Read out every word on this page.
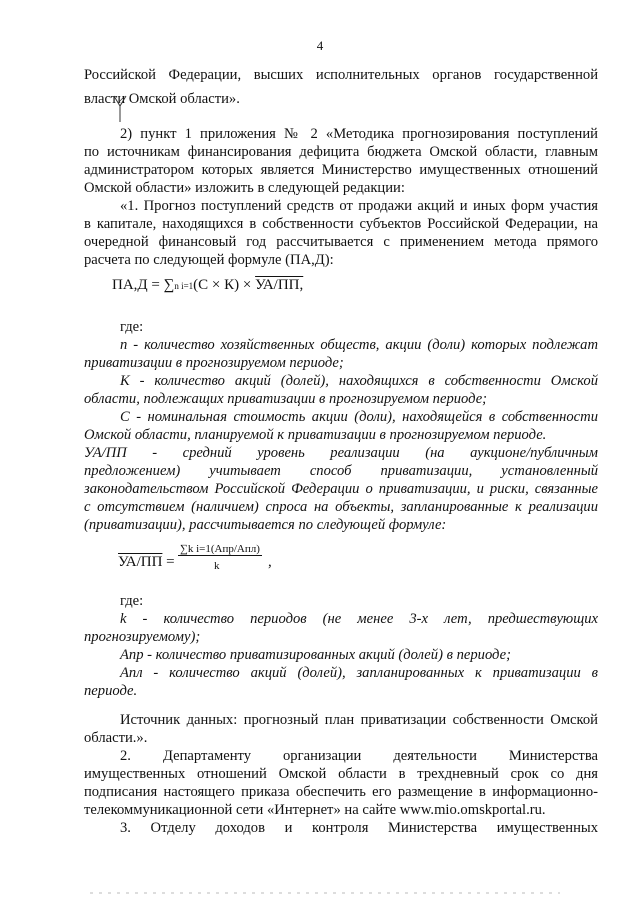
4
Российской Федерации, высших исполнительных органов государственной
власти Омской области».
2) пункт 1 приложения № 2 «Методика прогнозирования поступлений
по источникам финансирования дефицита бюджета Омской области, главным
администратором которых является Министерство имущественных отношений
Омской области» изложить в следующей редакции:
«1. Прогноз поступлений средств от продажи акций и иных форм участия
в капитале, находящихся в собственности субъектов Российской Федерации, на
очередной финансовый год рассчитывается с применением метода прямого
расчета по следующей формуле (ПА,Д):
ПА,Д = ∑n i=1(С × К) × УА/ПП,
где:
n - количество хозяйственных обществ, акции (доли) которых подлежат
приватизации в прогнозируемом периоде;
К - количество акций (долей), находящихся в собственности Омской
области, подлежащих приватизации в прогнозируемом периоде;
С - номинальная стоимость акции (доли), находящейся в собственности
Омской области, планируемой к приватизации в прогнозируемом периоде.
УА/ПП - средний уровень реализации (на аукционе/публичным
предложением) учитывает способ приватизации, установленный
законодательством Российской Федерации о приватизации, и риски, связанные
с отсутствием (наличием) спроса на объекты, запланированные к реализации
(приватизации), рассчитывается по следующей формуле:
УА/ПП =
∑k i=1(Апр/Апл)
k	,
где:
k - количество периодов (не менее 3-х лет, предшествующих
прогнозируемому);
Апр - количество приватизированных акций (долей) в периоде;
Апл - количество акций (долей), запланированных к приватизации в
периоде.
Источник данных: прогнозный план приватизации собственности Омской
области.».
2. Департаменту организации деятельности Министерства
имущественных отношений Омской области в трехдневный срок со дня
подписания настоящего приказа обеспечить его размещение в информационно-
телекоммуникационной сети «Интернет» на сайте www.mio.omskportal.ru.
3. Отделу доходов и контроля Министерства имущественных
